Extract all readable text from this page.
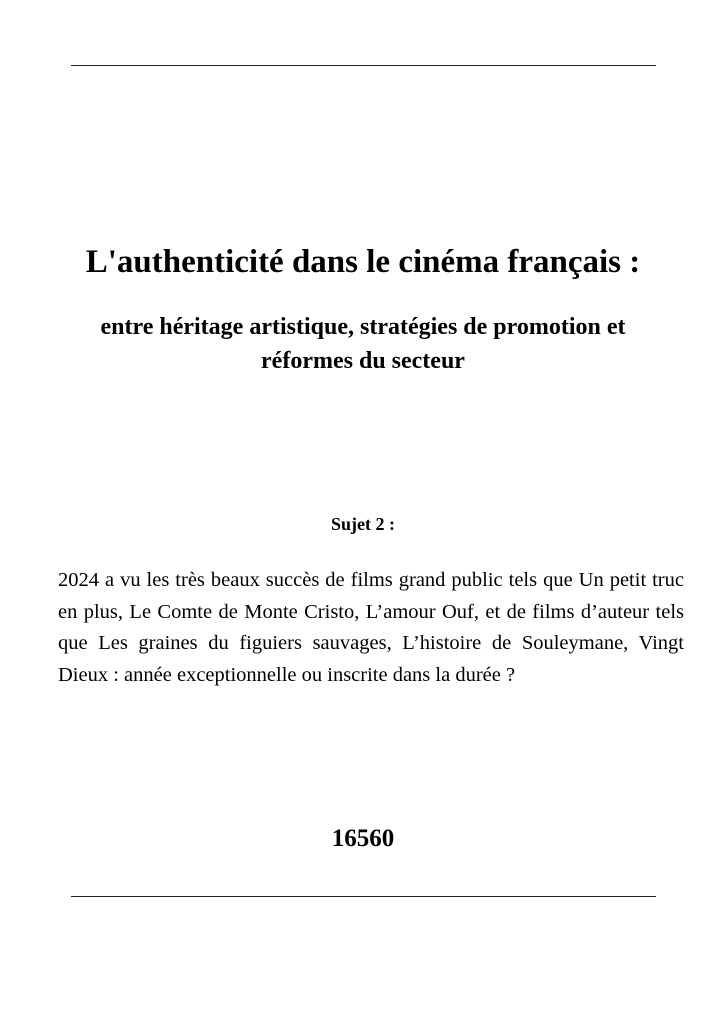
L'authenticité dans le cinéma français :
entre héritage artistique, stratégies de promotion et réformes du secteur

Sujet 2 :

2024 a vu les très beaux succès de films grand public tels que Un petit truc en plus, Le Comte de Monte Cristo, L’amour Ouf, et de films d’auteur tels que Les graines du figuiers sauvages, L’histoire de Souleymane, Vingt Dieux : année exceptionnelle ou inscrite dans la durée ?

16560
